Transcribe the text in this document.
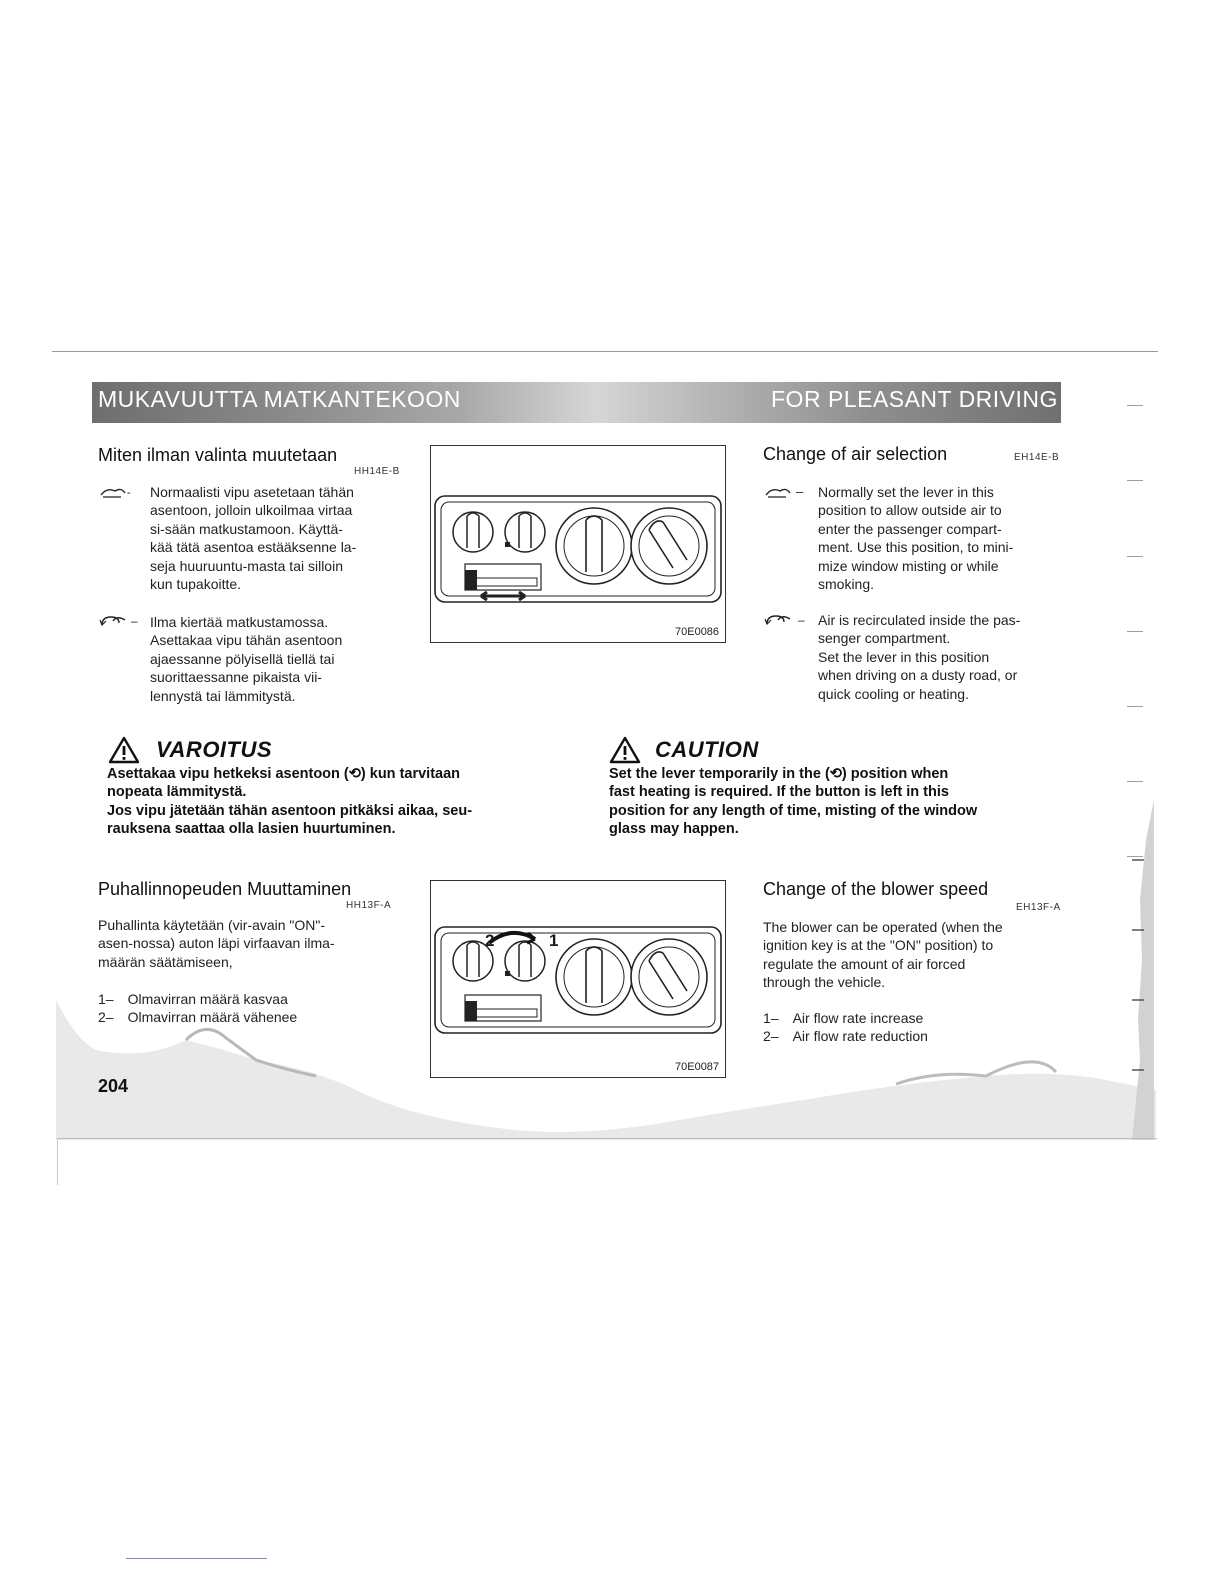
MUKAVUUTTA MATKANTEKOON	FOR PLEASANT DRIVING
Miten ilman valinta muutetaan
HH14E-B
- Normaalisti vipu asetetaan tähän
asentoon, jolloin ulkoilmaa virtaa
si-sään matkustamoon. Käyttä-
kää tätä asentoa estääksenne la-
seja huuruuntu-masta tai silloin
kun tupakoitte.
– Ilma kiertää matkustamossa.
Asettakaa vipu tähän asentoon
ajaessanne pölyisellä tiellä tai
suorittaessanne pikaista vii-
lennystä tai lämmitystä.
70E0086
Change of air selection	EH14E-B
– Normally set the lever in this
position to allow outside air to
enter the passenger compart-
ment. Use this position, to mini-
mize window misting or while
smoking.
– Air is recirculated inside the pas-
senger compartment.
Set the lever in this position
when driving on a dusty road, or
quick cooling or heating.
VAROITUS
Asettakaa vipu hetkeksi asentoon (⟲) kun tarvitaan
nopeata lämmitystä.
Jos vipu jätetään tähän asentoon pitkäksi aikaa, seu-
rauksena saattaa olla lasien huurtuminen.
CAUTION
Set the lever temporarily in the (⟲) position when
fast heating is required. If the button is left in this
position for any length of time, misting of the window
glass may happen.
Puhallinnopeuden Muuttaminen
HH13F-A
Puhallinta käytetään (vir-avain "ON"-
asen-nossa) auton läpi virfaavan ilma-
määrän säätämiseen,
1– Olmavirran määrä kasvaa
2– Olmavirran määrä vähenee
2	1
70E0087
Change of the blower speed
EH13F-A
The blower can be operated (when the
ignition key is at the "ON" position) to
regulate the amount of air forced
through the vehicle.
1– Air flow rate increase
2– Air flow rate reduction
204
